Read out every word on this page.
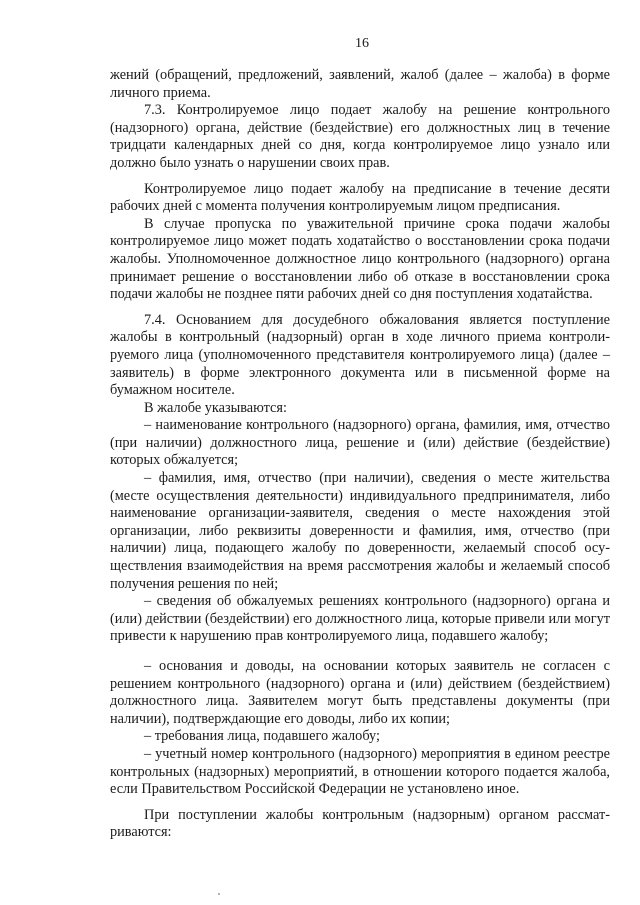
16

жений (обращений, предложений, заявлений, жалоб (далее – жалоба) в форме личного приема.

7.3. Контролируемое лицо подает жалобу на решение контрольного (надзорного) органа, действие (бездействие) его должностных лиц в течение тридцати календарных дней со дня, когда контролируемое лицо узнало или должно было узнать о нарушении своих прав.

Контролируемое лицо подает жалобу на предписание в течение десяти рабочих дней с момента получения контролируемым лицом предписания.

В случае пропуска по уважительной причине срока подачи жалобы контролируемое лицо может подать ходатайство о восстановлении срока подачи жалобы. Уполномоченное должностное лицо контрольного (надзорного) органа принимает решение о восстановлении либо об отказе в восстановлении срока подачи жалобы не позднее пяти рабочих дней со дня поступления ходатайства.

7.4. Основанием для досудебного обжалования является поступление жалобы в контрольный (надзорный) орган в ходе личного приема контролируемого лица (уполномоченного представителя контролируемого лица) (далее – заявитель) в форме электронного документа или в письменной форме на бумажном носителе.

В жалобе указываются:

– наименование контрольного (надзорного) органа, фамилия, имя, отчество (при наличии) должностного лица, решение и (или) действие (бездействие) которых обжалуется;

– фамилия, имя, отчество (при наличии), сведения о месте жительства (месте осуществления деятельности) индивидуального предпринимателя, либо наименование организации-заявителя, сведения о месте нахождения этой организации, либо реквизиты доверенности и фамилия, имя, отчество (при наличии) лица, подающего жалобу по доверенности, желаемый способ осуществления взаимодействия на время рассмотрения жалобы и желаемый способ получения решения по ней;

– сведения об обжалуемых решениях контрольного (надзорного) органа и (или) действии (бездействии) его должностного лица, которые привели или могут привести к нарушению прав контролируемого лица, подавшего жалобу;

– основания и доводы, на основании которых заявитель не согласен с решением контрольного (надзорного) органа и (или) действием (бездействием) должностного лица. Заявителем могут быть представлены документы (при наличии), подтверждающие его доводы, либо их копии;

– требования лица, подавшего жалобу;

– учетный номер контрольного (надзорного) мероприятия в едином реестре контрольных (надзорных) мероприятий, в отношении которого подается жалоба, если Правительством Российской Федерации не установлено иное.

При поступлении жалобы контрольным (надзорным) органом рассматриваются:
